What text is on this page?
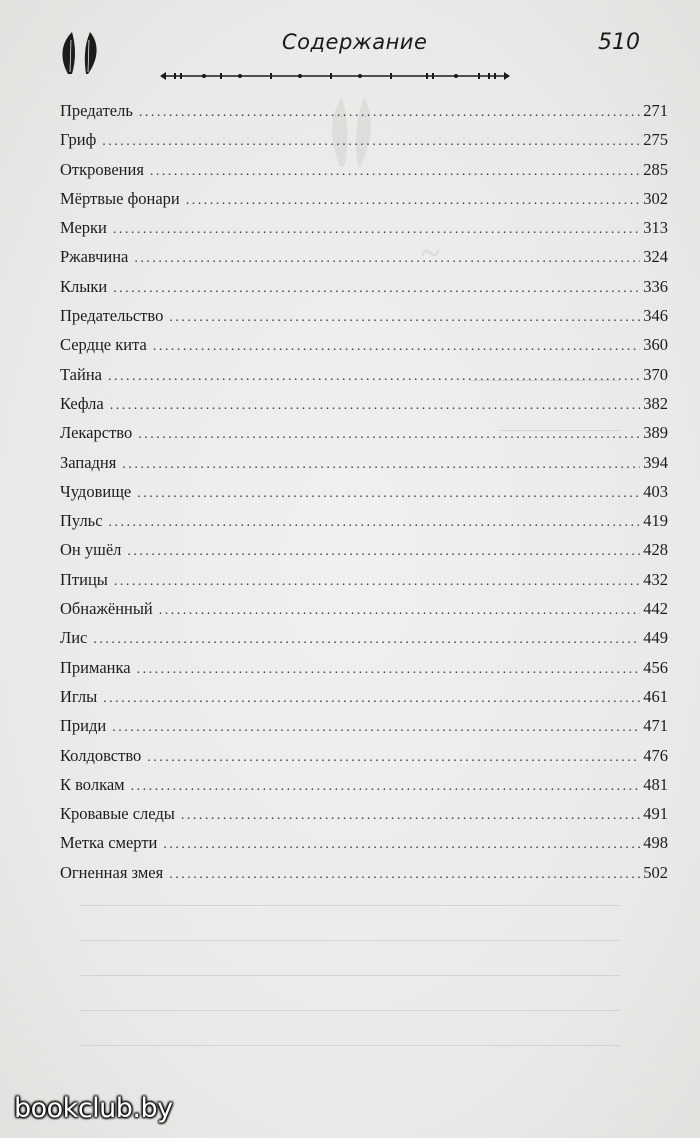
~
Содержание	510
Предатель . . .	271
Гриф . . .	275
Откровения . . .	285
Мёртвые фонари . . .	302
Мерки . . .	313
Ржавчина . . .	324
Клыки . . .	336
Предательство . . .	346
Сердце кита . . .	360
Тайна . . .	370
Кефла . . .	382
Лекарство . . .	389
Западня . . .	394
Чудовище . . .	403
Пульс . . .	419
Он ушёл . . .	428
Птицы . . .	432
Обнажённый . . .	442
Лис . . .	449
Приманка . . .	456
Иглы . . .	461
Приди . . .	471
Колдовство . . .	476
К волкам . . .	481
Кровавые следы . . .	491
Метка смерти . . .	498
Огненная змея . . .	502
bookclub.by
